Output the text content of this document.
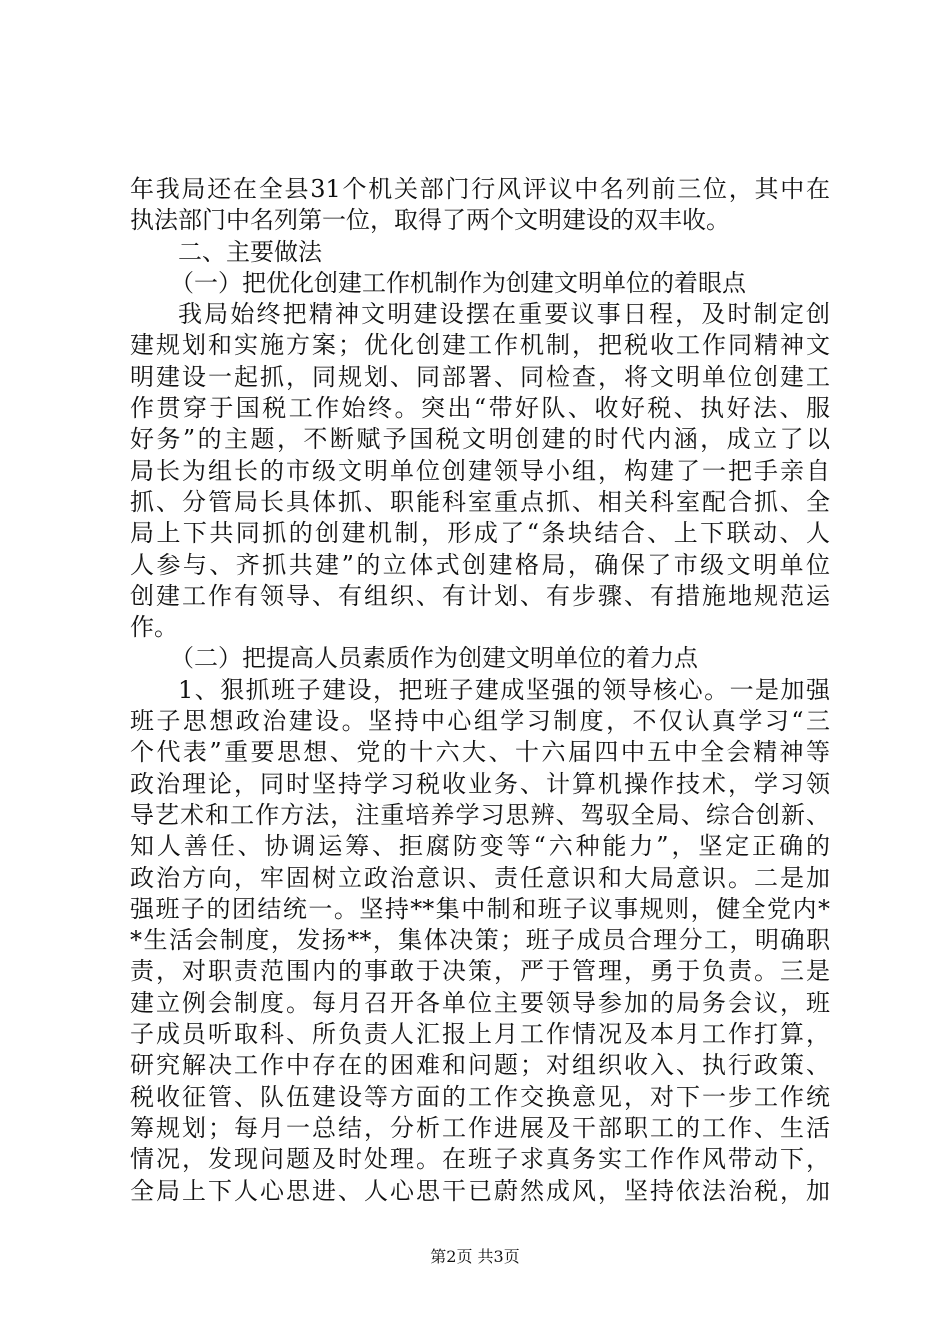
年我局还在全县31个机关部门行风评议中名列前三位，其中在
执法部门中名列第一位，取得了两个文明建设的双丰收。
二、主要做法
（一）把优化创建工作机制作为创建文明单位的着眼点
我局始终把精神文明建设摆在重要议事日程，及时制定创
建规划和实施方案；优化创建工作机制，把税收工作同精神文
明建设一起抓，同规划、同部署、同检查，将文明单位创建工
作贯穿于国税工作始终。突出“带好队、收好税、执好法、服
好务”的主题，不断赋予国税文明创建的时代内涵，成立了以
局长为组长的市级文明单位创建领导小组，构建了一把手亲自
抓、分管局长具体抓、职能科室重点抓、相关科室配合抓、全
局上下共同抓的创建机制，形成了“条块结合、上下联动、人
人参与、齐抓共建”的立体式创建格局，确保了市级文明单位
创建工作有领导、有组织、有计划、有步骤、有措施地规范运
作。
（二）把提高人员素质作为创建文明单位的着力点
1、狠抓班子建设，把班子建成坚强的领导核心。一是加强
班子思想政治建设。坚持中心组学习制度，不仅认真学习“三
个代表”重要思想、党的十六大、十六届四中五中全会精神等
政治理论，同时坚持学习税收业务、计算机操作技术，学习领
导艺术和工作方法，注重培养学习思辨、驾驭全局、综合创新、
知人善任、协调运筹、拒腐防变等“六种能力”，坚定正确的
政治方向，牢固树立政治意识、责任意识和大局意识。二是加
强班子的团结统一。坚持**集中制和班子议事规则，健全党内*
*生活会制度，发扬**，集体决策；班子成员合理分工，明确职
责，对职责范围内的事敢于决策，严于管理，勇于负责。三是
建立例会制度。每月召开各单位主要领导参加的局务会议，班
子成员听取科、所负责人汇报上月工作情况及本月工作打算，
研究解决工作中存在的困难和问题；对组织收入、执行政策、
税收征管、队伍建设等方面的工作交换意见，对下一步工作统
筹规划；每月一总结，分析工作进展及干部职工的工作、生活
情况，发现问题及时处理。在班子求真务实工作作风带动下，
全局上下人心思进、人心思干已蔚然成风，坚持依法治税，加
第2页 共3页
